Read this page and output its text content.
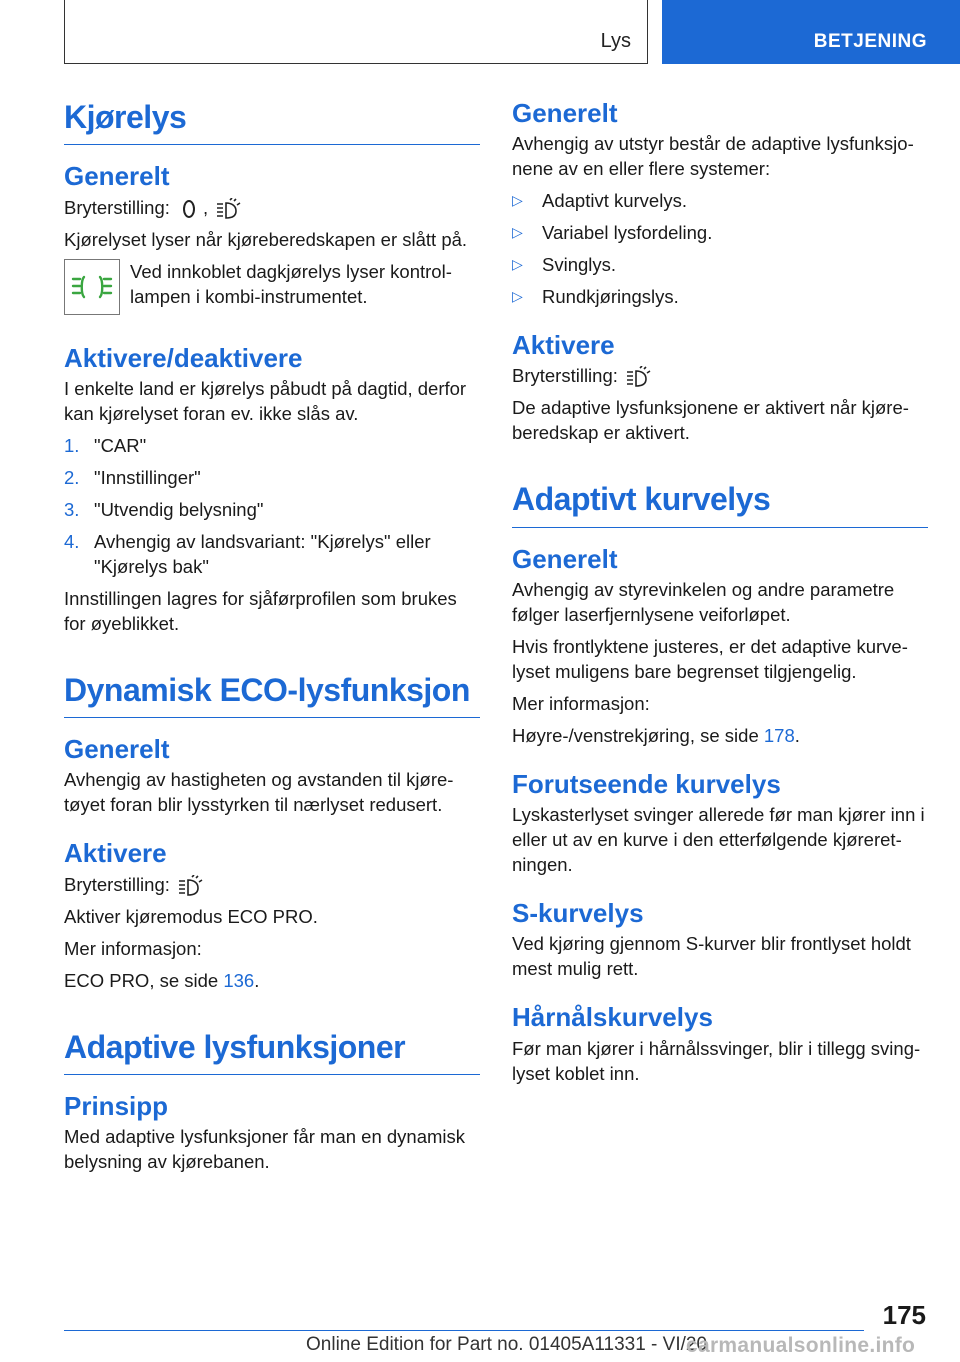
Lys	BETJENING
Kjørelys
Generelt

Bryterstilling: ,

Kjørelyset lyser når kjøreberedskapen er slått på.

Ved innkoblet dagkjørelys lyser kontrollampen i kombi-instrumentet.
Aktivere/deaktivere

I enkelte land er kjørelys påbudt på dagtid, derfor kan kjørelyset foran ev. ikke slås av.

1. "CAR"
2. "Innstillinger"
3. "Utvendig belysning"
4. Avhengig av landsvariant: "Kjørelys" eller "Kjørelys bak"

Innstillingen lagres for sjåførprofilen som brukes for øyeblikket.

Dynamisk ECO-lysfunksjon
Generelt

Avhengig av hastigheten og avstanden til kjøretøyet foran blir lysstyrken til nærlyset redusert.

Aktivere

Bryterstilling:

Aktiver kjøremodus ECO PRO.

Mer informasjon:

ECO PRO, se side 136.

Adaptive lysfunksjoner
Prinsipp

Med adaptive lysfunksjoner får man en dynamisk belysning av kjørebanen.

Generelt

Avhengig av utstyr består de adaptive lysfunksjonene av en eller flere systemer:

▷ Adaptivt kurvelys.
▷ Variabel lysfordeling.
▷ Svinglys.
▷ Rundkjøringslys.
Aktivere

Bryterstilling:

De adaptive lysfunksjonene er aktivert når kjøreberedskap er aktivert.

Adaptivt kurvelys
Generelt

Avhengig av styrevinkelen og andre parametre følger laserfjernlysene veiforløpet.

Hvis frontlyktene justeres, er det adaptive kurvelyset muligens bare begrenset tilgjengelig.

Mer informasjon:

Høyre-/venstrekjøring, se side 178.

Forutseende kurvelys

Lyskasterlyset svinger allerede før man kjører inn i eller ut av en kurve i den etterfølgende kjøreretningen.

S-kurvelys

Ved kjøring gjennom S-kurver blir frontlyset holdt mest mulig rett.

Hårnålskurvelys

Før man kjører i hårnålssvinger, blir i tillegg svinglyset koblet inn.

175
Online Edition for Part no. 01405A11331 - VI/20
carmanualsonline.info
